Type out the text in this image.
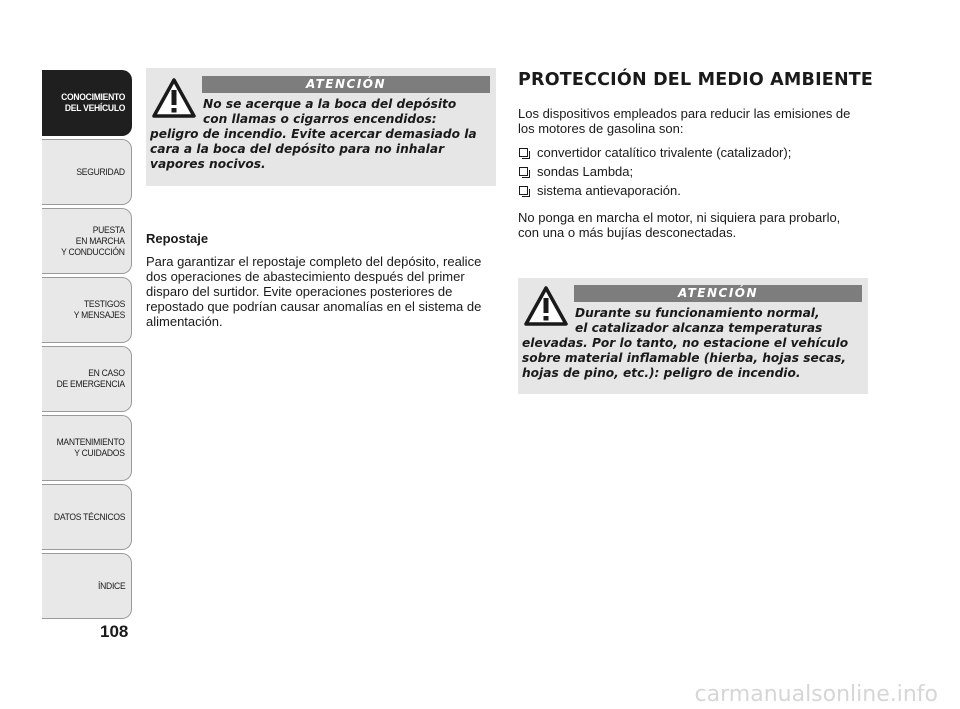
CONOCIMIENTO
DEL VEHÍCULO
SEGURIDAD
PUESTA
EN MARCHA
Y CONDUCCIÓN
TESTIGOS
Y MENSAJES
EN CASO
DE EMERGENCIA
MANTENIMIENTO
Y CUIDADOS
DATOS TÉCNICOS
ÍNDICE
108
ATENCIÓN
No se acerque a la boca del depósito
con llamas o cigarros encendidos:
peligro de incendio. Evite acercar demasiado la cara a la boca del depósito para no inhalar vapores nocivos.
Repostaje
Para garantizar el repostaje completo del depósito, realice dos operaciones de abastecimiento después del primer disparo del surtidor. Evite operaciones posteriores de repostado que podrían causar anomalías en el sistema de alimentación.
PROTECCIÓN DEL MEDIO AMBIENTE
Los dispositivos empleados para reducir las emisiones de los motores de gasolina son:
convertidor catalítico trivalente (catalizador);
sondas Lambda;
sistema antievaporación.
No ponga en marcha el motor, ni siquiera para probarlo, con una o más bujías desconectadas.
ATENCIÓN
Durante su funcionamiento normal,
el catalizador alcanza temperaturas
elevadas. Por lo tanto, no estacione el vehículo sobre material inflamable (hierba, hojas secas, hojas de pino, etc.): peligro de incendio.
carmanualsonline.info
